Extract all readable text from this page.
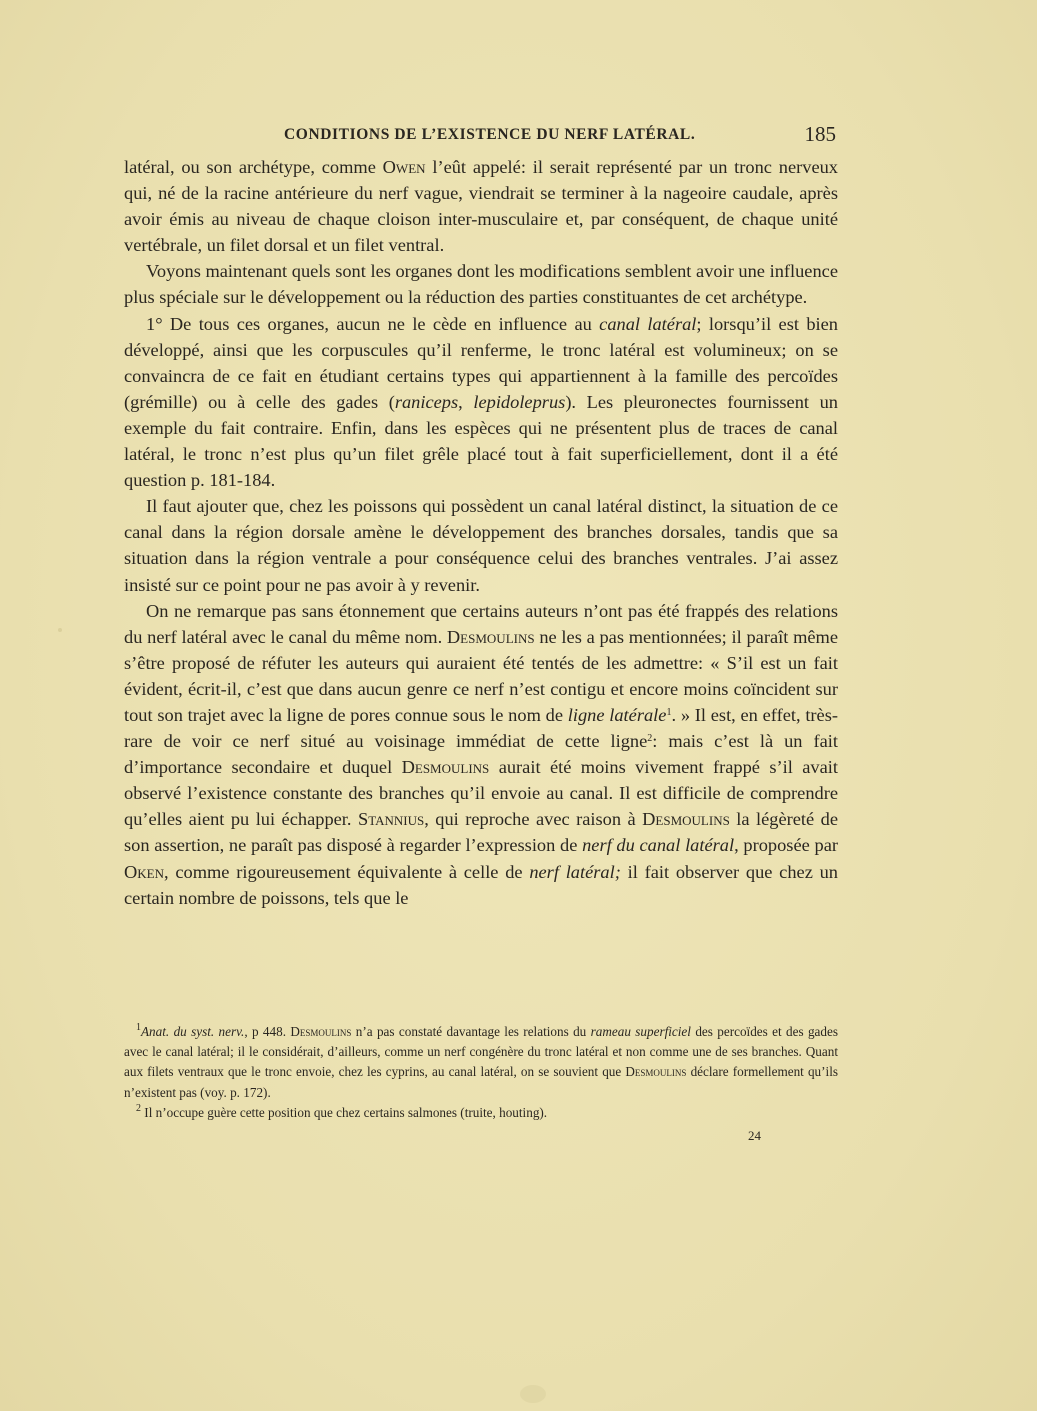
CONDITIONS DE L’EXISTENCE DU NERF LATÉRAL.	185

latéral, ou son archétype, comme Owen l’eût appelé: il serait représenté par un tronc nerveux qui, né de la racine antérieure du nerf vague, viendrait se terminer à la nageoire caudale, après avoir émis au niveau de chaque cloison inter-musculaire et, par conséquent, de chaque unité vertébrale, un filet dorsal et un filet ventral.

Voyons maintenant quels sont les organes dont les modifications semblent avoir une influence plus spéciale sur le développement ou la réduction des parties constituantes de cet archétype.

1° De tous ces organes, aucun ne le cède en influence au canal latéral; lorsqu’il est bien développé, ainsi que les corpuscules qu’il renferme, le tronc latéral est volumineux; on se convaincra de ce fait en étudiant certains types qui appartiennent à la famille des percoïdes (grémille) ou à celle des gades (raniceps, lepidoleprus). Les pleuronectes fournissent un exemple du fait contraire. Enfin, dans les espèces qui ne présentent plus de traces de canal latéral, le tronc n’est plus qu’un filet grêle placé tout à fait superficiellement, dont il a été question p. 181-184.

Il faut ajouter que, chez les poissons qui possèdent un canal latéral distinct, la situation de ce canal dans la région dorsale amène le développement des branches dorsales, tandis que sa situation dans la région ventrale a pour conséquence celui des branches ventrales. J’ai assez insisté sur ce point pour ne pas avoir à y revenir.

On ne remarque pas sans étonnement que certains auteurs n’ont pas été frappés des relations du nerf latéral avec le canal du même nom. Desmoulins ne les a pas mentionnées; il paraît même s’être proposé de réfuter les auteurs qui auraient été tentés de les admettre: « S’il est un fait évident, écrit-il, c’est que dans aucun genre ce nerf n’est contigu et encore moins coïncident sur tout son trajet avec la ligne de pores connue sous le nom de ligne latérale$^1$. » Il est, en effet, très-rare de voir ce nerf situé au voisinage immédiat de cette ligne$^2$: mais c’est là un fait d’importance secondaire et duquel Desmoulins aurait été moins vivement frappé s’il avait observé l’existence constante des branches qu’il envoie au canal. Il est difficile de comprendre qu’elles aient pu lui échapper. Stannius, qui reproche avec raison à Desmoulins la légèreté de son assertion, ne paraît pas disposé à regarder l’expression de nerf du canal latéral, proposée par Oken, comme rigoureusement équivalente à celle de nerf latéral; il fait observer que chez un certain nombre de poissons, tels que le

$^1$Anat. du syst. nerv., p 448. Desmoulins n’a pas constaté davantage les relations du rameau superficiel des percoïdes et des gades avec le canal latéral; il le considérait, d’ailleurs, comme un nerf congénère du tronc latéral et non comme une de ses branches. Quant aux filets ventraux que le tronc envoie, chez les cyprins, au canal latéral, on se souvient que Desmoulins déclare formellement qu’ils n’existent pas (voy. p. 172).

$^2$ Il n’occupe guère cette position que chez certains salmones (truite, houting).

24
